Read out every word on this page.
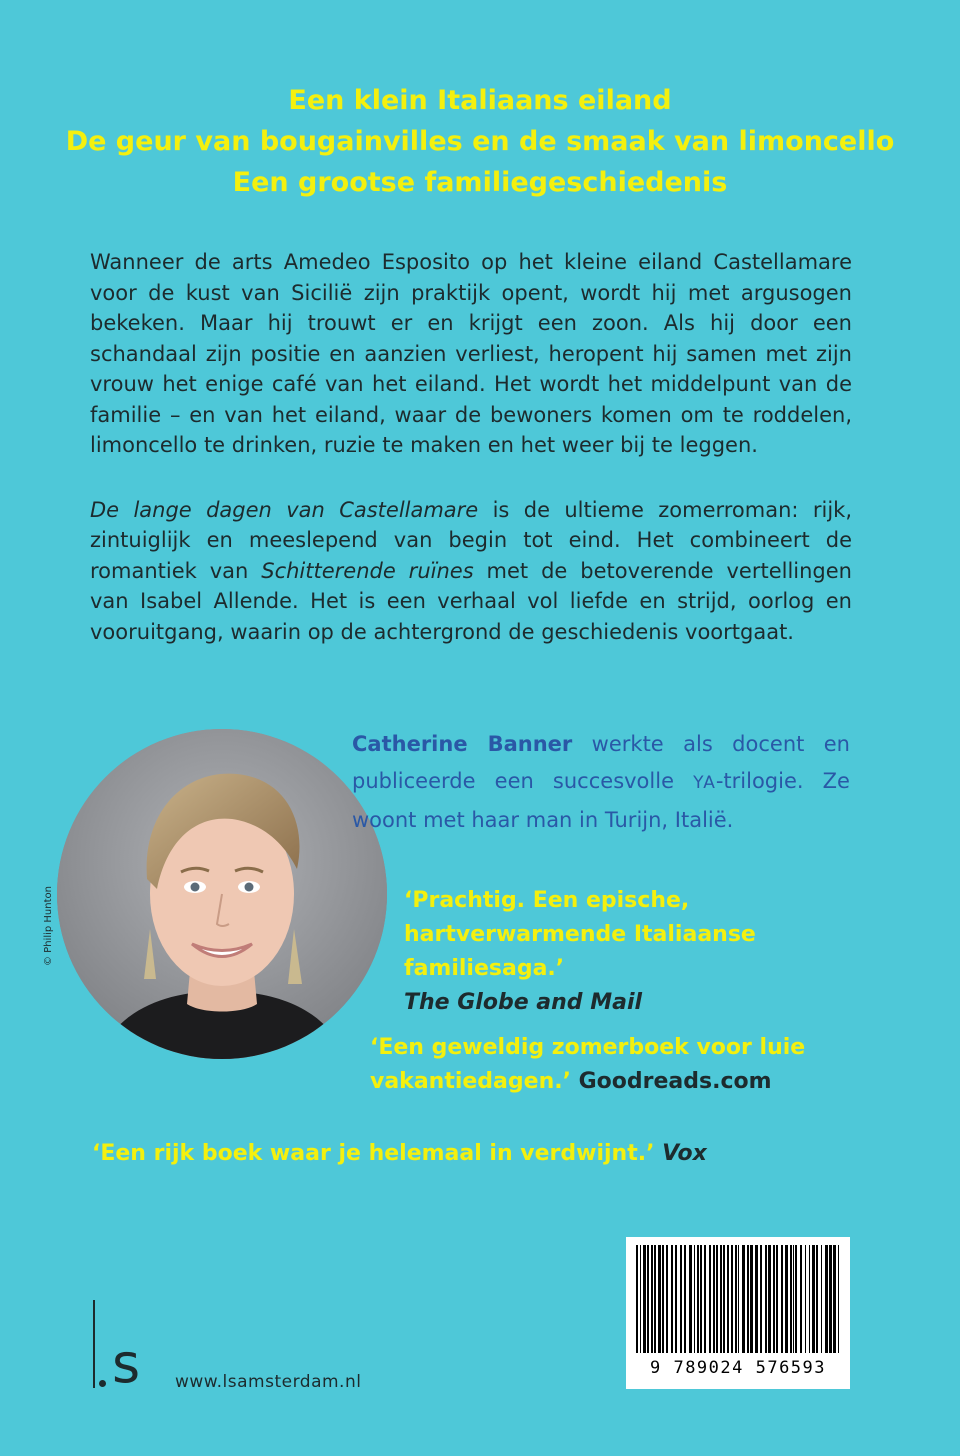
Een klein Italiaans eiland
De geur van bougainvilles en de smaak van limoncello
Een grootse familiegeschiedenis

Wanneer de arts Amedeo Esposito op het kleine eiland Castellamare voor de kust van Sicilië zijn praktijk opent, wordt hij met argusogen bekeken. Maar hij trouwt er en krijgt een zoon. Als hij door een schandaal zijn positie en aanzien verliest, heropent hij samen met zijn vrouw het enige café van het eiland. Het wordt het middelpunt van de familie – en van het eiland, waar de bewoners komen om te roddelen, limoncello te drinken, ruzie te maken en het weer bij te leggen.

De lange dagen van Castellamare is de ultieme zomerroman: rijk, zintuiglijk en meeslepend van begin tot eind. Het combineert de romantiek van Schitterende ruïnes met de betoverende vertellingen van Isabel Allende. Het is een verhaal vol liefde en strijd, oorlog en vooruitgang, waarin op de achtergrond de geschiedenis voortgaat.

© Philip Hunton

Catherine Banner werkte als docent en publiceerde een succesvolle YA-trilogie. Ze woont met haar man in Turijn, Italië.

‘Prachtig. Een epische, hartverwarmende Italiaanse familiesaga.’
The Globe and Mail
‘Een geweldig zomerboek voor luie vakantiedagen.’ Goodreads.com
‘Een rijk boek waar je helemaal in verdwijnt.’ Vox
9 789024 576593
s www.lsamsterdam.nl
